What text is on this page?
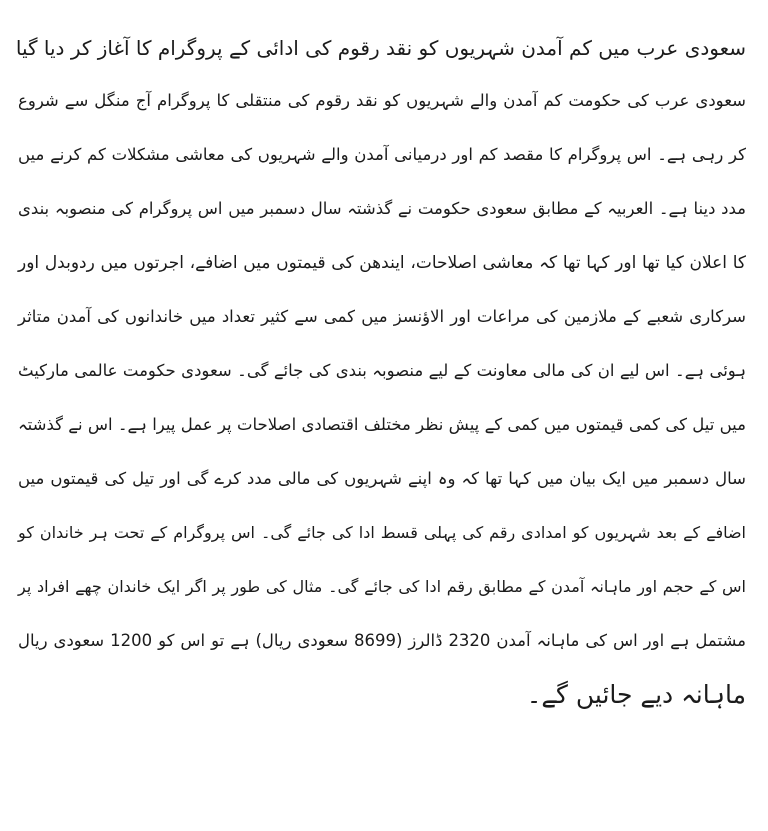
سعودی عرب میں کم آمدن شہریوں کو نقد رقوم کی ادائی کے پروگرام کا آغاز کر دیا گیا
سعودی عرب کی حکومت کم آمدن والے شہریوں کو نقد رقوم کی منتقلی کا پروگرام آج منگل سے شروع
کر رہی ہے۔ اس پروگرام کا مقصد کم اور درمیانی آمدن والے شہریوں کی معاشی مشکلات کم کرنے میں
مدد دینا ہے۔ العربیہ کے مطابق سعودی حکومت نے گذشتہ سال دسمبر میں اس پروگرام کی منصوبہ بندی
کا اعلان کیا تھا اور کہا تھا کہ معاشی اصلاحات، ایندھن کی قیمتوں میں اضافے، اجرتوں میں ردوبدل اور
سرکاری شعبے کے ملازمین کی مراعات اور الاؤنسز میں کمی سے کثیر تعداد میں خاندانوں کی آمدن متاثر
ہوئی ہے۔ اس لیے ان کی مالی معاونت کے لیے منصوبہ بندی کی جائے گی۔ سعودی حکومت عالمی مارکیٹ
میں تیل کی کمی قیمتوں میں کمی کے پیش نظر مختلف اقتصادی اصلاحات پر عمل پیرا ہے۔ اس نے گذشتہ
سال دسمبر میں ایک بیان میں کہا تھا کہ وہ اپنے شہریوں کی مالی مدد کرے گی اور تیل کی قیمتوں میں
اضافے کے بعد شہریوں کو امدادی رقم کی پہلی قسط ادا کی جائے گی۔ اس پروگرام کے تحت ہر خاندان کو
اس کے حجم اور ماہانہ آمدن کے مطابق رقم ادا کی جائے گی۔ مثال کی طور پر اگر ایک خاندان چھے افراد پر
مشتمل ہے اور اس کی ماہانہ آمدن 2320 ڈالرز (8699 سعودی ریال) ہے تو اس کو 1200 سعودی ریال
ماہانہ دیے جائیں گے۔
